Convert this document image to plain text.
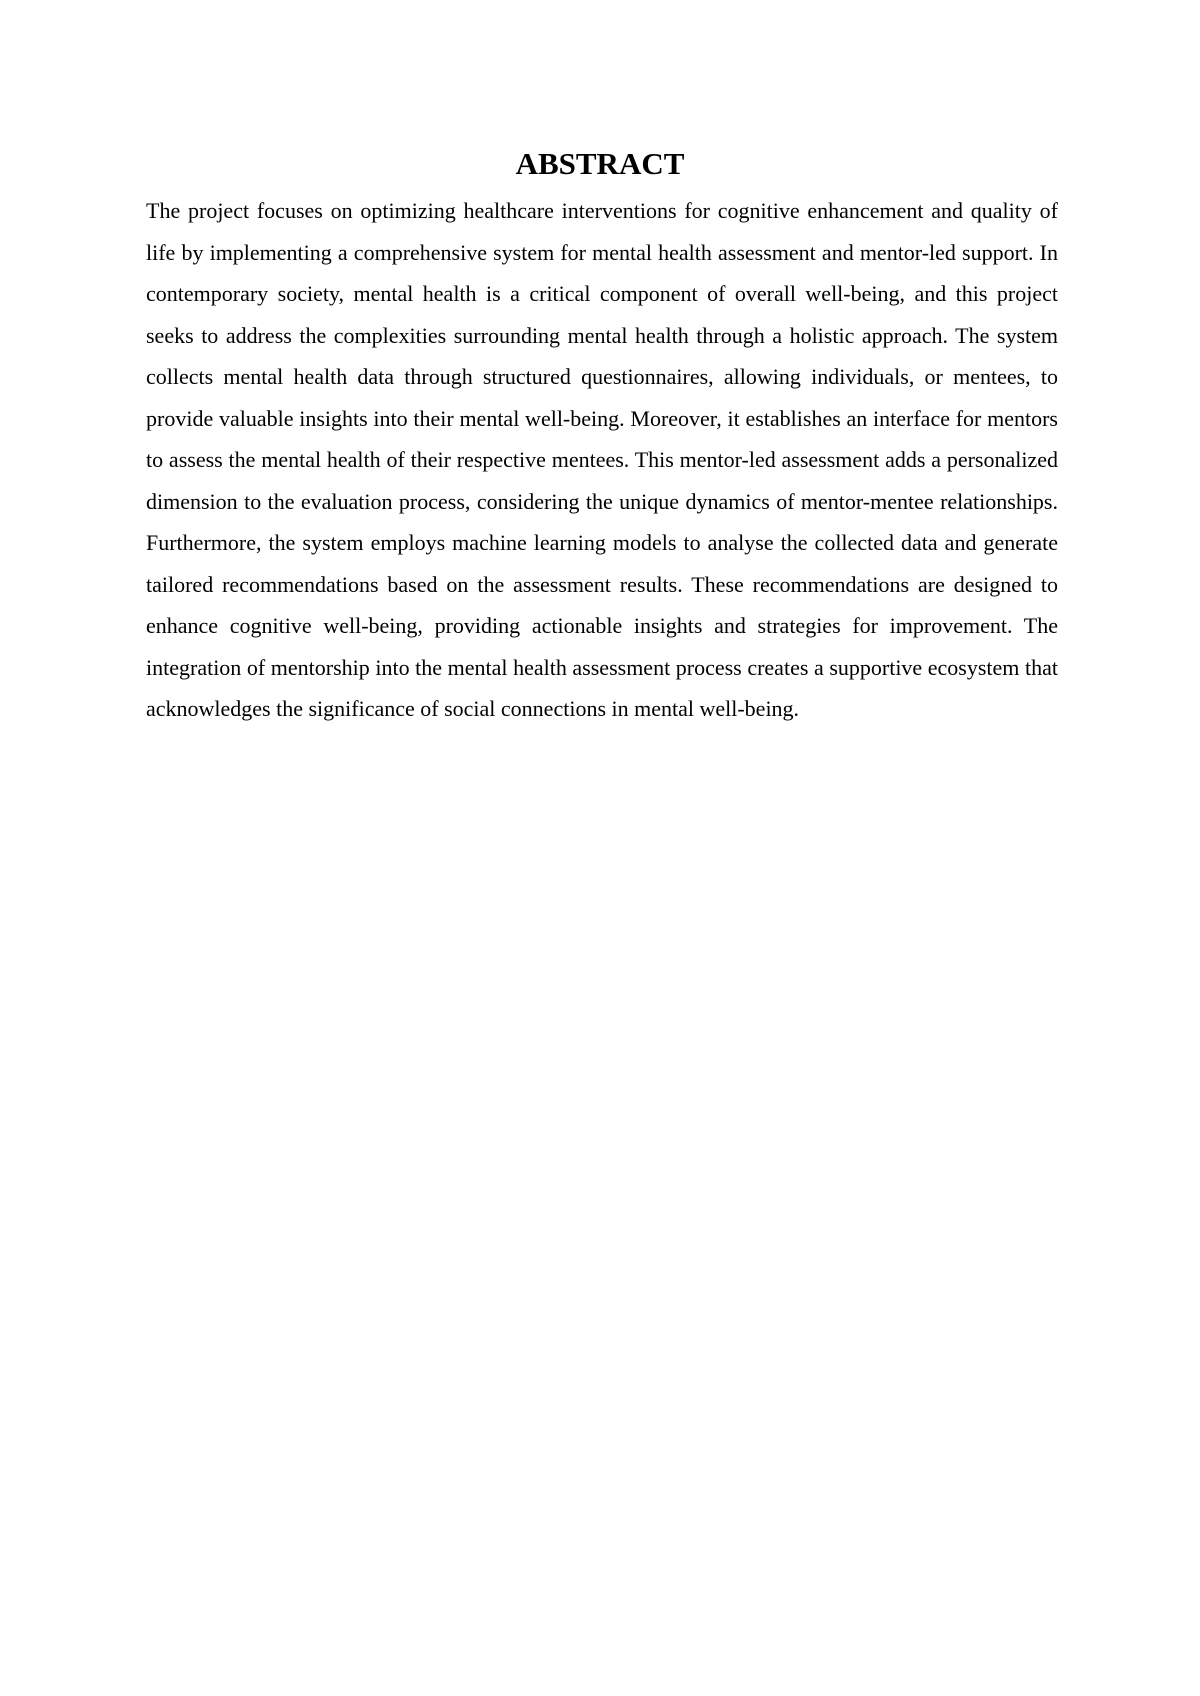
ABSTRACT

The project focuses on optimizing healthcare interventions for cognitive enhancement and quality of life by implementing a comprehensive system for mental health assessment and mentor-led support. In contemporary society, mental health is a critical component of overall well-being, and this project seeks to address the complexities surrounding mental health through a holistic approach. The system collects mental health data through structured questionnaires, allowing individuals, or mentees, to provide valuable insights into their mental well-being. Moreover, it establishes an interface for mentors to assess the mental health of their respective mentees. This mentor-led assessment adds a personalized dimension to the evaluation process, considering the unique dynamics of mentor-mentee relationships. Furthermore, the system employs machine learning models to analyse the collected data and generate tailored recommendations based on the assessment results. These recommendations are designed to enhance cognitive well-being, providing actionable insights and strategies for improvement. The integration of mentorship into the mental health assessment process creates a supportive ecosystem that acknowledges the significance of social connections in mental well-being.
